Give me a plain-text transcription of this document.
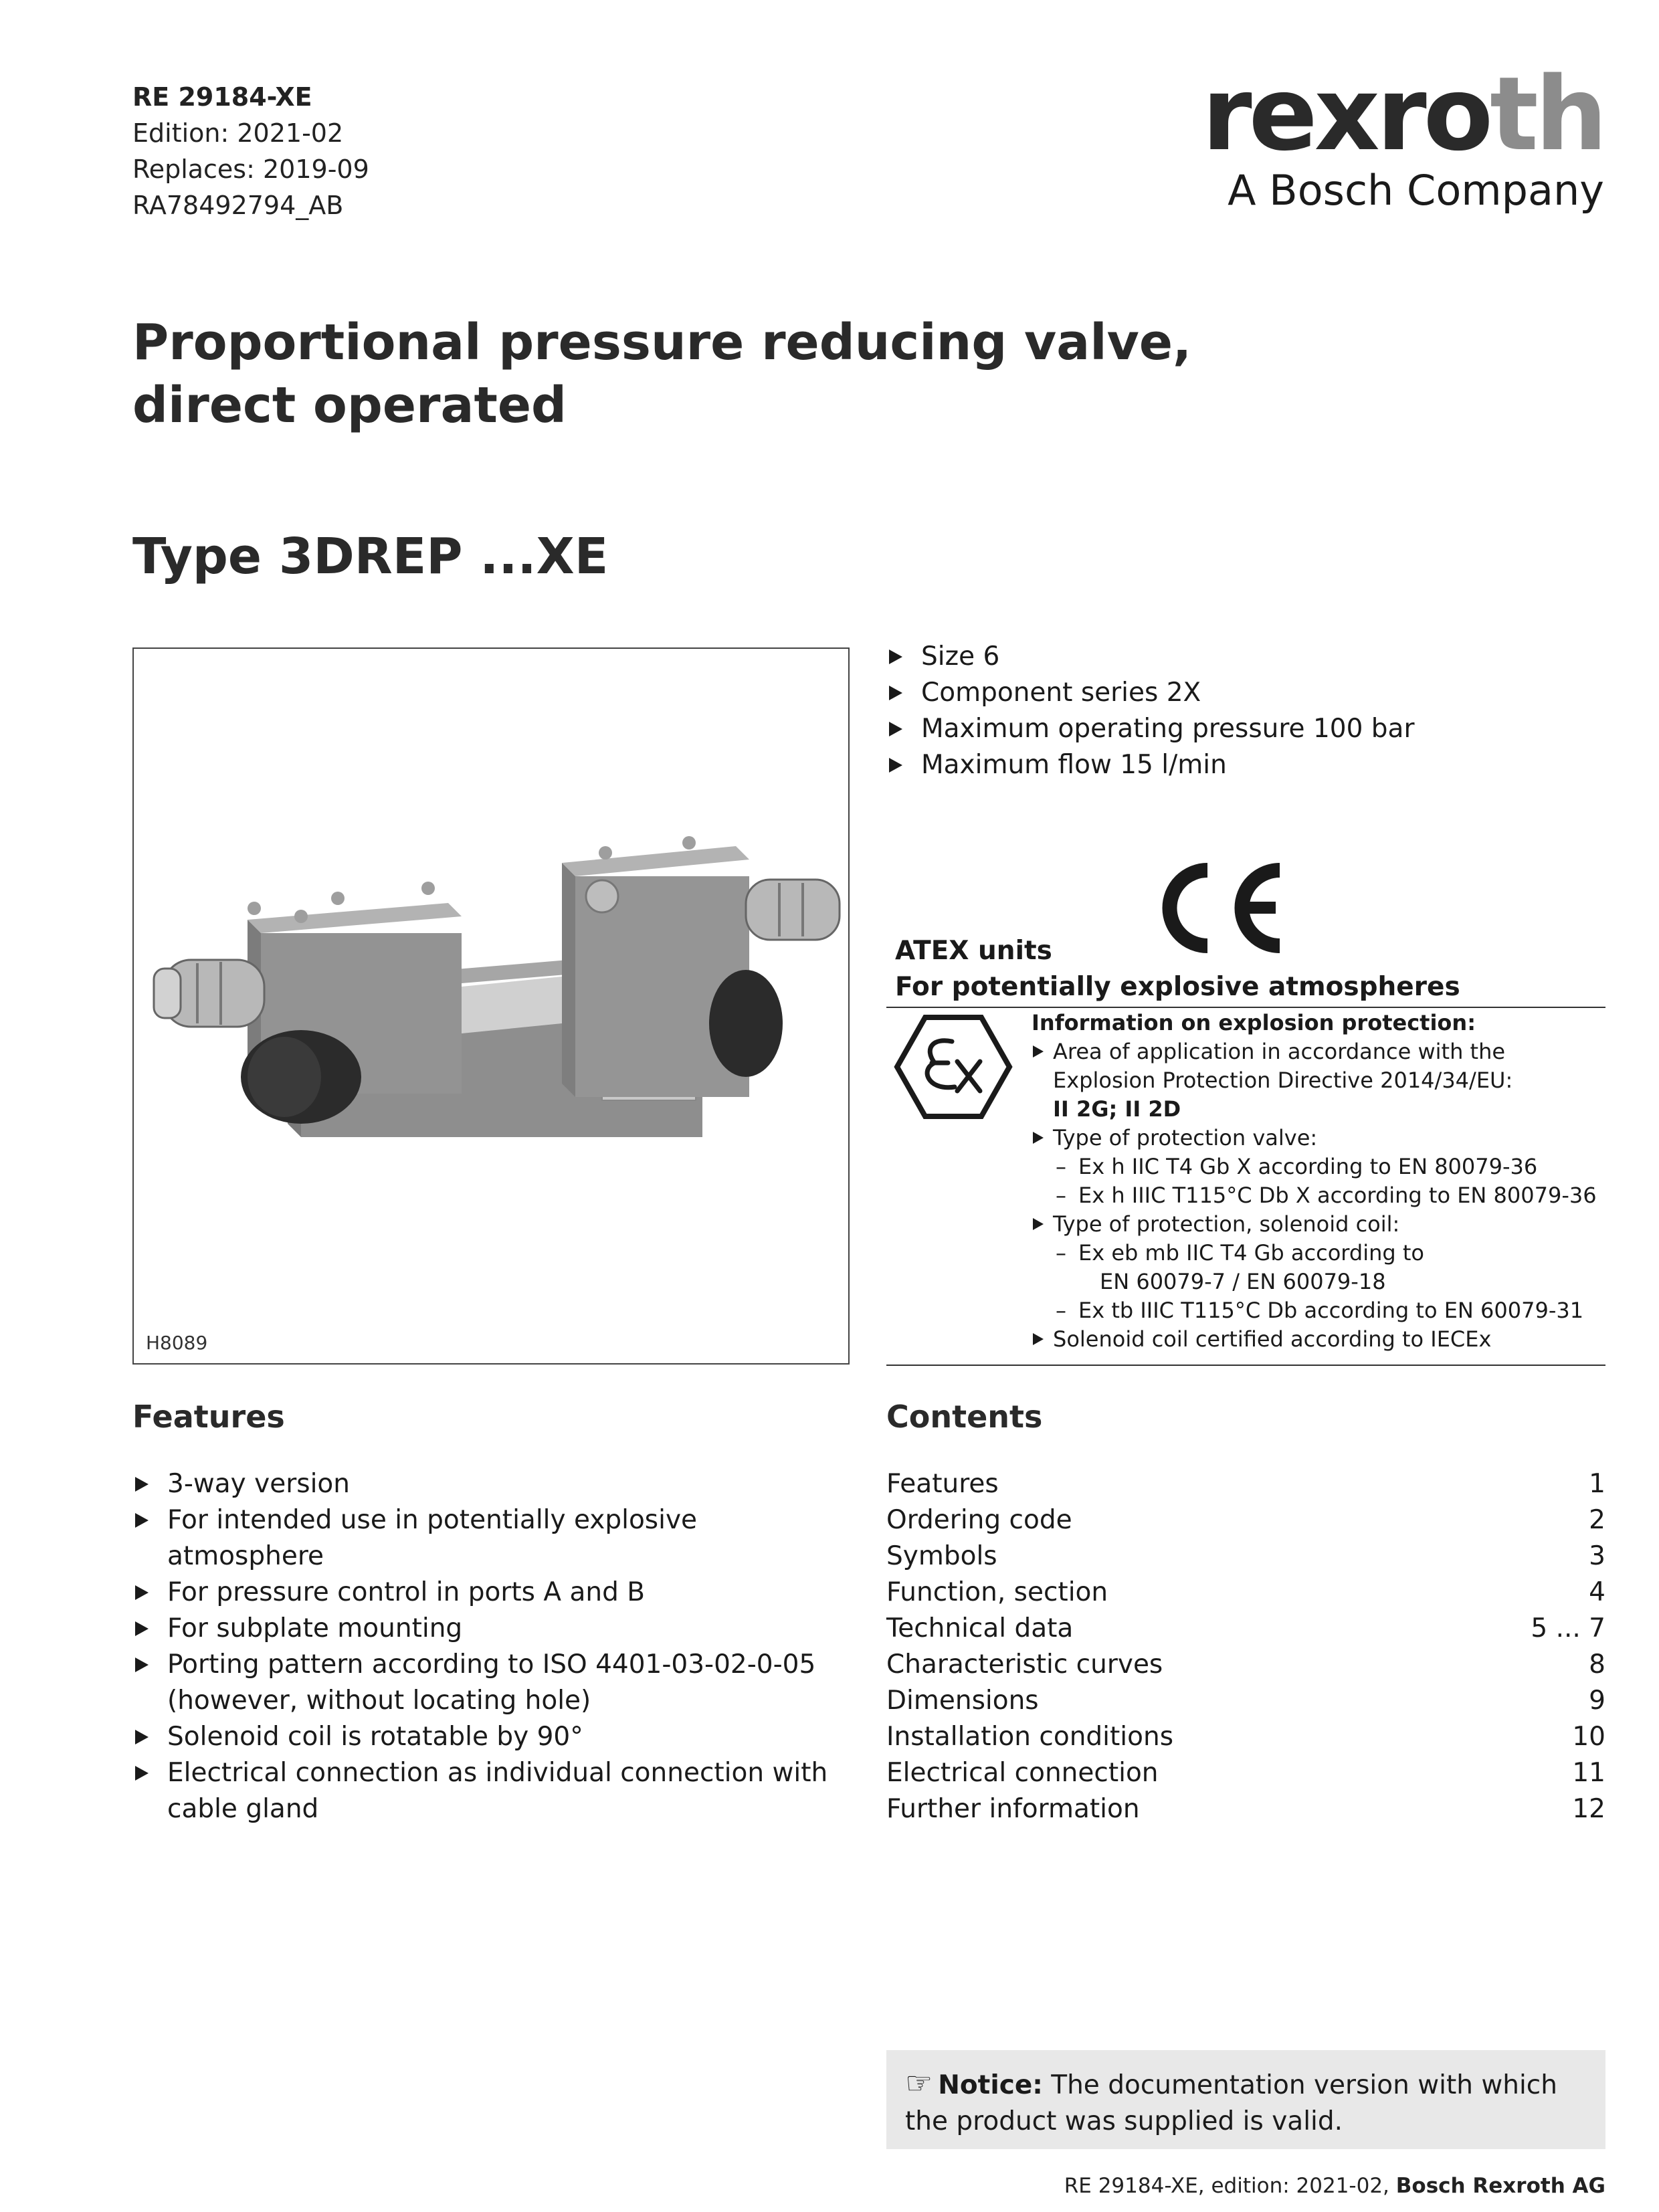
RE 29184-XE
Edition: 2021-02
Replaces: 2019-09
RA78492794_AB
rexroth
A Bosch Company
Proportional pressure reducing valve,
direct operated
Type 3DREP ...XE
H8089
Size 6
Component series 2X
Maximum operating pressure 100 bar
Maximum flow 15 l/min
ATEX units
For potentially explosive atmospheres
Information on explosion protection:
Area of application in accordance with the Explosion Protection Directive 2014/34/EU:
II 2G; II 2D
Type of protection valve:
– Ex h IIC T4 Gb X according to EN 80079-36
– Ex h IIIC T115°C Db X according to EN 80079-36
Type of protection, solenoid coil:
– Ex eb mb IIC T4 Gb according to
EN 60079-7 / EN 60079-18
– Ex tb IIIC T115°C Db according to EN 60079-31
Solenoid coil certified according to IECEx
Features
3-way version
For intended use in potentially explosive atmosphere
For pressure control in ports A and B
For subplate mounting
Porting pattern according to ISO 4401-03-02-0-05 (however, without locating hole)
Solenoid coil is rotatable by 90°
Electrical connection as individual connection with cable gland
Contents
Features	1
Ordering code	2
Symbols	3
Function, section	4
Technical data	5 ... 7
Characteristic curves	8
Dimensions	9
Installation conditions	10
Electrical connection	11
Further information	12
☞ Notice: The documentation version with which the product was supplied is valid.
RE 29184-XE, edition: 2021-02, Bosch Rexroth AG
